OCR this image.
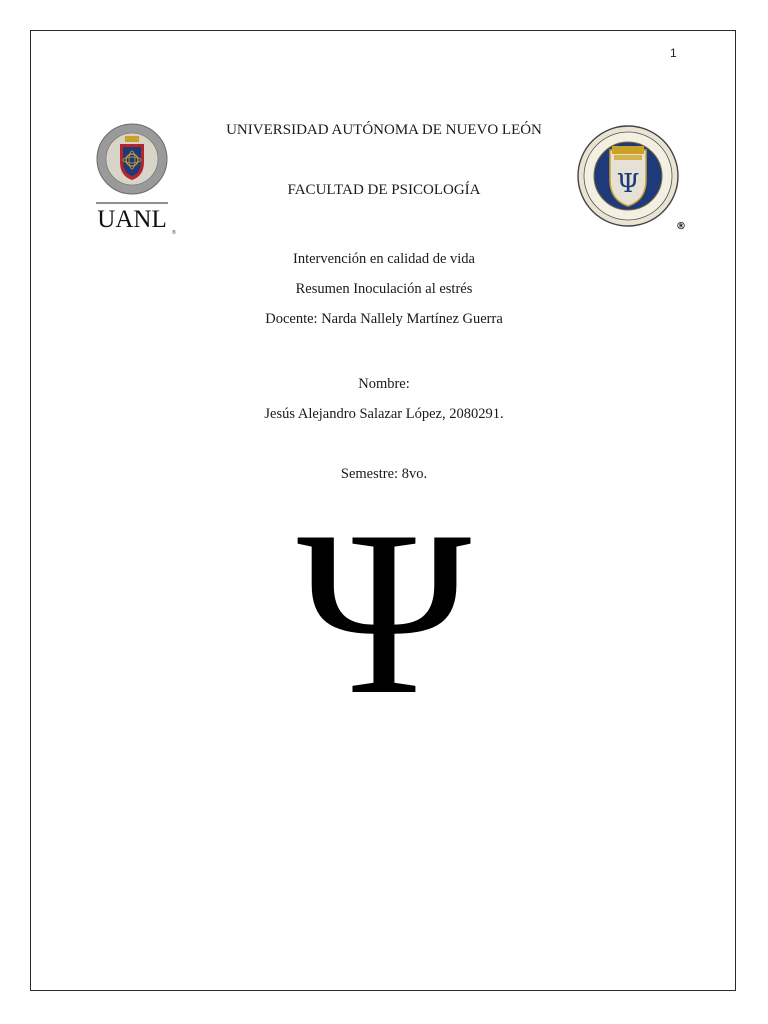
1
UANL ®
Ψ
®
UNIVERSIDAD AUTÓNOMA DE NUEVO LEÓN
FACULTAD DE PSICOLOGÍA
Intervención en calidad de vida
Resumen Inoculación al estrés
Docente: Narda Nallely Martínez Guerra
Nombre:
Jesús Alejandro Salazar López, 2080291.
Semestre: 8vo.
Ψ
